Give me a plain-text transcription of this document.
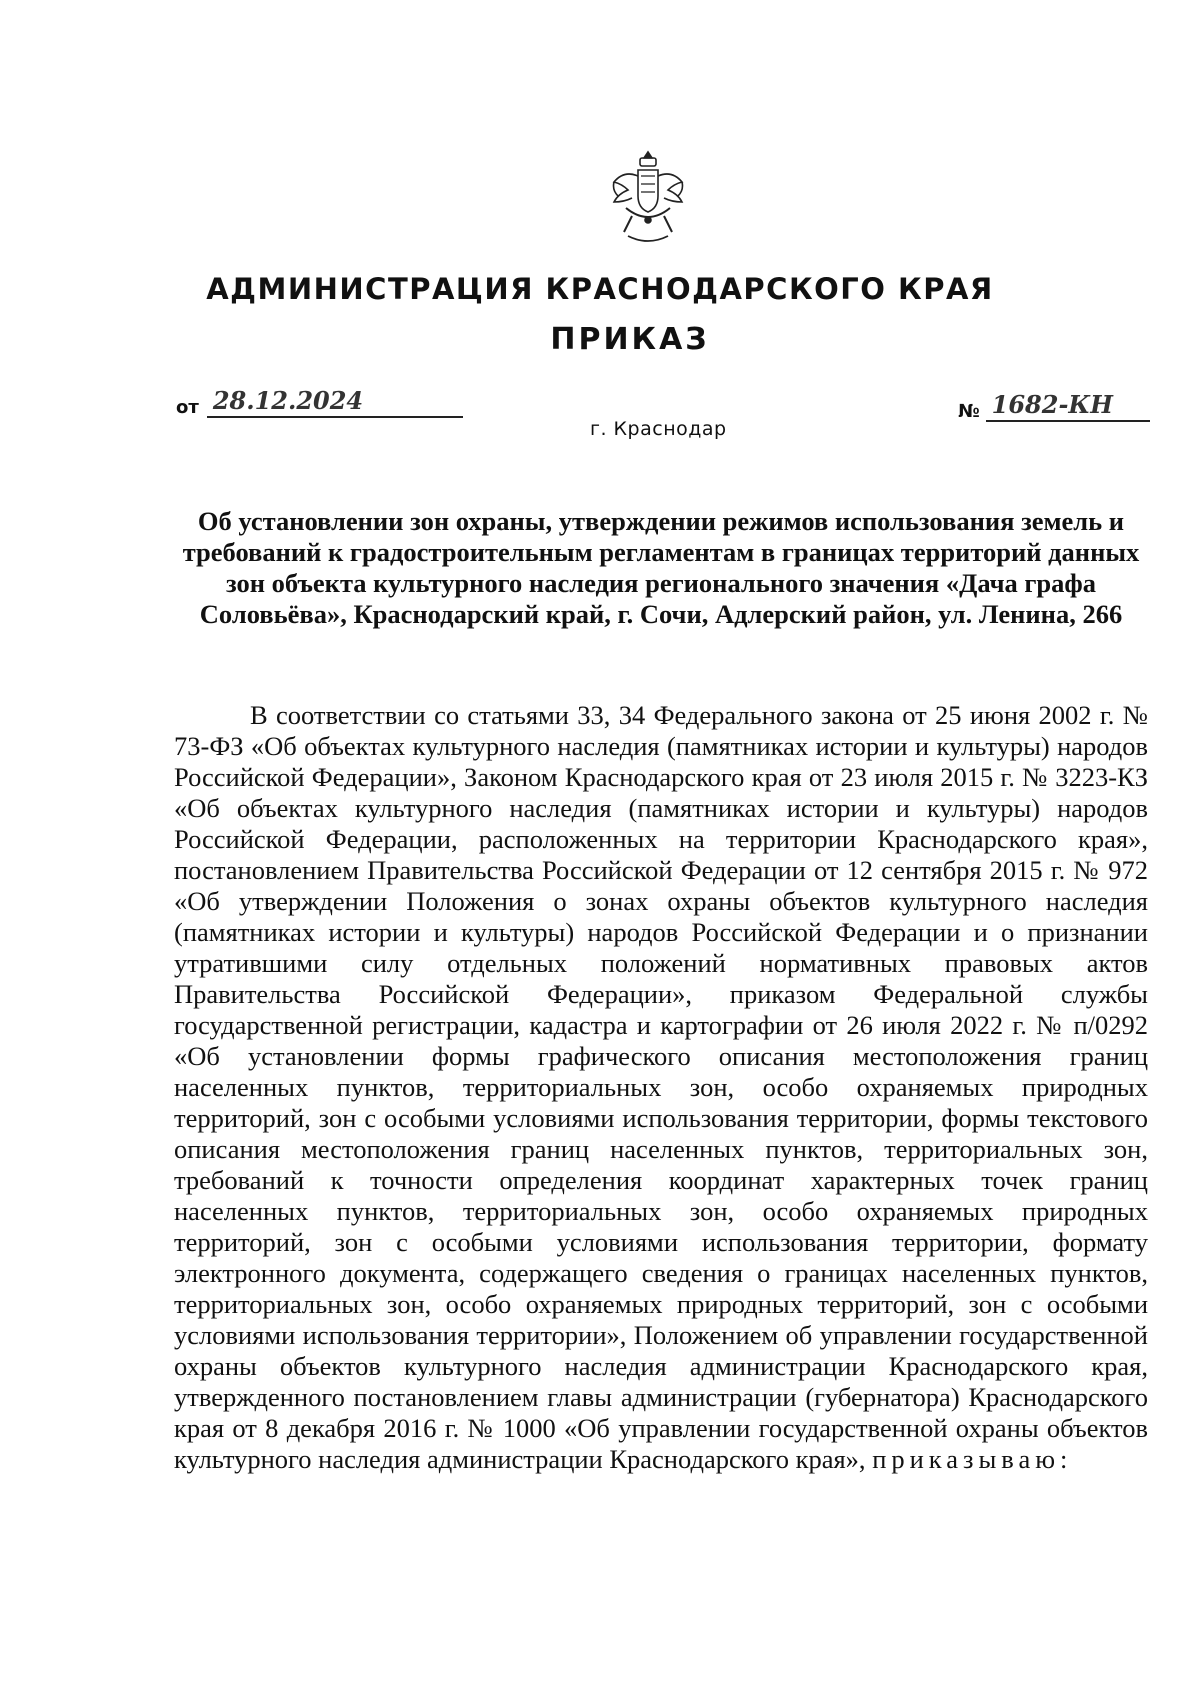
АДМИНИСТРАЦИЯ КРАСНОДАРСКОГО КРАЯ
ПРИКАЗ
от 28.12.2024	№ 1682-КН
г. Краснодар
Об установлении зон охраны, утверждении режимов использования земель и требований к градостроительным регламентам в границах территорий данных зон объекта культурного наследия регионального значения «Дача графа Соловьёва», Краснодарский край, г. Сочи, Адлерский район, ул. Ленина, 266

В соответствии со статьями 33, 34 Федерального закона от 25 июня 2002 г. № 73-ФЗ «Об объектах культурного наследия (памятниках истории и культуры) народов Российской Федерации», Законом Краснодарского края от 23 июля 2015 г. № 3223-КЗ «Об объектах культурного наследия (памятниках истории и культуры) народов Российской Федерации, расположенных на территории Краснодарского края», постановлением Правительства Российской Федерации от 12 сентября 2015 г. № 972 «Об утверждении Положения о зонах охраны объектов культурного наследия (памятниках истории и культуры) народов Российской Федерации и о признании утратившими силу отдельных положений нормативных правовых актов Правительства Российской Федерации», приказом Федеральной службы государственной регистрации, кадастра и картографии от 26 июля 2022 г. № п/0292 «Об установлении формы графического описания местоположения границ населенных пунктов, территориальных зон, особо охраняемых природных территорий, зон с особыми условиями использования территории, формы текстового описания местоположения границ населенных пунктов, территориальных зон, требований к точности определения координат характерных точек границ населенных пунктов, территориальных зон, особо охраняемых природных территорий, зон с особыми условиями использования территории, формату электронного документа, содержащего сведения о границах населенных пунктов, территориальных зон, особо охраняемых природных территорий, зон с особыми условиями использования территории», Положением об управлении государственной охраны объектов культурного наследия администрации Краснодарского края, утвержденного постановлением главы администрации (губернатора) Краснодарского края от 8 декабря 2016 г. № 1000 «Об управлении государственной охраны объектов культурного наследия администрации Краснодарского края», приказываю:
